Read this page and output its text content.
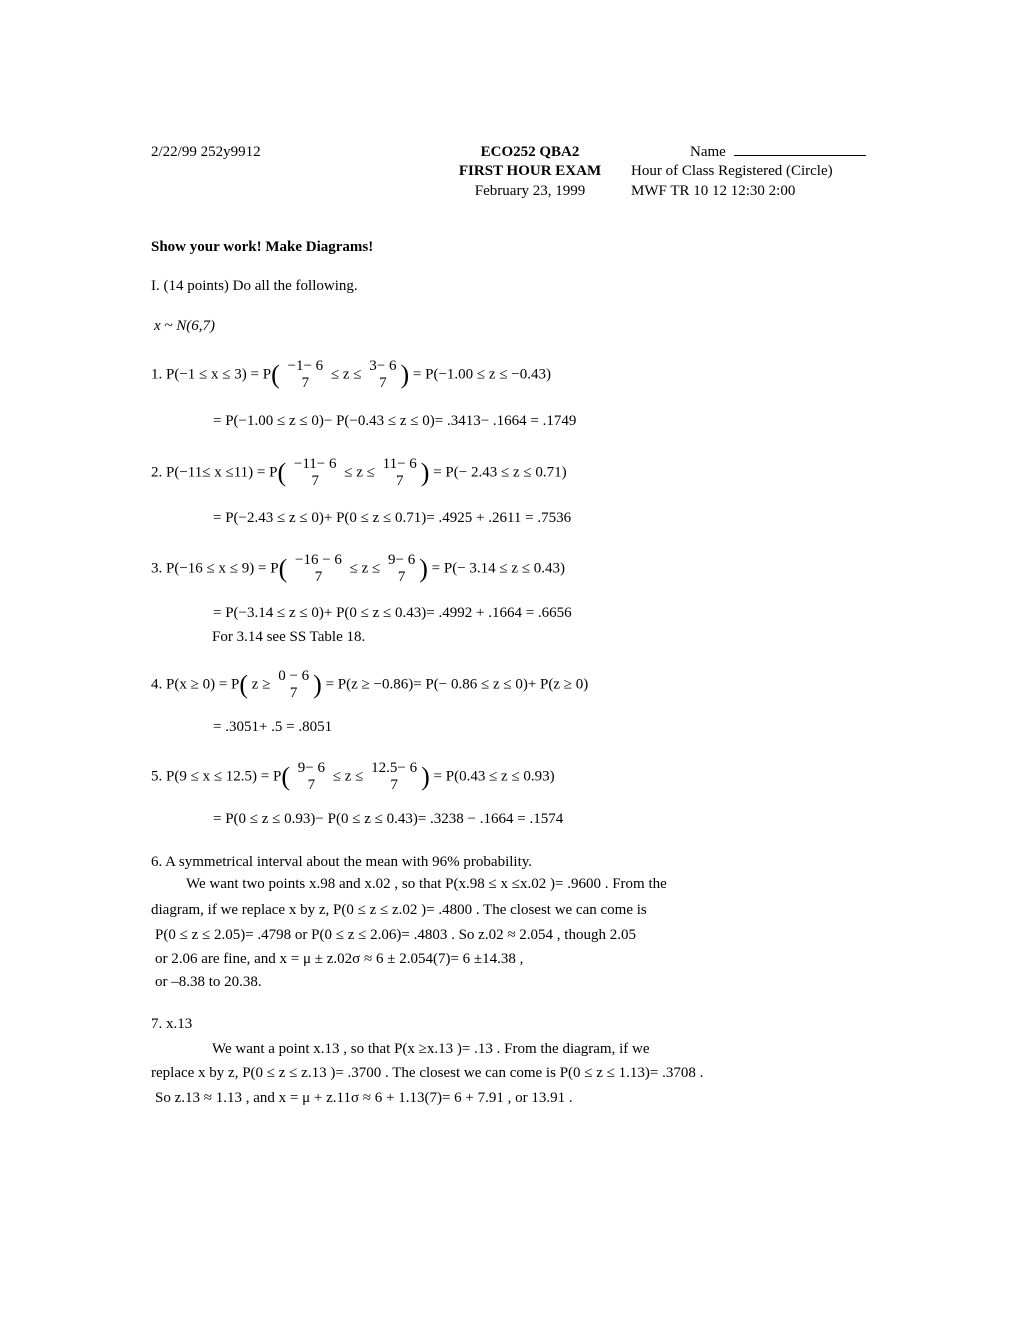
2/22/99 252y9912	ECO252 QBA2	Name
FIRST HOUR EXAM	Hour of Class Registered (Circle)
February 23, 1999	MWF TR 10 12 12:30 2:00
Show your work! Make Diagrams!
I. (14 points) Do all the following.
x ~ N(6,7)
1. P(−1 ≤ x ≤ 3) = P( −1− 6
7
≤ z ≤
3− 6
7 ) = P(−1.00 ≤ z ≤ −0.43)
= P(−1.00 ≤ z ≤ 0)− P(−0.43 ≤ z ≤ 0)= .3413− .1664 = .1749
2. P(−11≤ x ≤11) = P( −11− 6
7
≤ z ≤
11− 6
7 ) = P(− 2.43 ≤ z ≤ 0.71)
= P(−2.43 ≤ z ≤ 0)+ P(0 ≤ z ≤ 0.71)= .4925 + .2611 = .7536
3. P(−16 ≤ x ≤ 9) = P( −16 − 6
7
≤ z ≤
9− 6
7 ) = P(− 3.14 ≤ z ≤ 0.43)
= P(−3.14 ≤ z ≤ 0)+ P(0 ≤ z ≤ 0.43)= .4992 + .1664 = .6656
For 3.14 see SS Table 18.
4. P(x ≥ 0) = P( z ≥
0 − 6
7 ) = P(z ≥ −0.86)= P(− 0.86 ≤ z ≤ 0)+ P(z ≥ 0)
= .3051+ .5 = .8051
5. P(9 ≤ x ≤ 12.5) = P( 9− 6
7
≤ z ≤
12.5− 6
7 ) = P(0.43 ≤ z ≤ 0.93)
= P(0 ≤ z ≤ 0.93)− P(0 ≤ z ≤ 0.43)= .3238 − .1664 = .1574
6. A symmetrical interval about the mean with 96% probability.
We want two points x.98 and x.02 , so that P(x.98 ≤ x ≤x.02 )= .9600 . From the
diagram, if we replace x by z, P(0 ≤ z ≤ z.02 )= .4800 . The closest we can come is
P(0 ≤ z ≤ 2.05)= .4798 or P(0 ≤ z ≤ 2.06)= .4803 . So z.02 ≈ 2.054 , though 2.05
or 2.06 are fine, and x = μ ± z.02σ ≈ 6 ± 2.054(7)= 6 ±14.38 ,
or –8.38 to 20.38.
7. x.13
We want a point x.13 , so that P(x ≥x.13 )= .13 . From the diagram, if we
replace x by z, P(0 ≤ z ≤ z.13 )= .3700 . The closest we can come is P(0 ≤ z ≤ 1.13)= .3708 .
So z.13 ≈ 1.13 , and x = μ + z.11σ ≈ 6 + 1.13(7)= 6 + 7.91 , or 13.91 .
